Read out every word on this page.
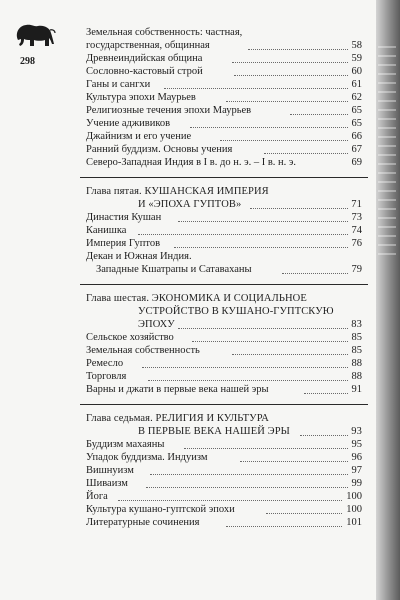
298
Земельная собственность: частная,
государственная, общинная	58
Древнеиндийская община	59
Сословно-кастовый строй	60
Ганы и сангхи	61
Культура эпохи Маурьев	62
Религиозные течения эпохи Маурьев	65
Учение адживиков	65
Джайнизм и его учение	66
Ранний буддизм. Основы учения	67
Северо-Западная Индия в I в. до н. э. – I в. н. э.	69
Глава пятая. КУШАНСКАЯ ИМПЕРИЯ
И «ЭПОХА ГУПТОВ»	71
Династия Кушан	73
Канишка	74
Империя Гуптов	76
Декан и Южная Индия.
Западные Кшатрапы и Сатаваханы	79
Глава шестая. ЭКОНОМИКА И СОЦИАЛЬНОЕ
УСТРОЙСТВО В КУШАНО-ГУПТСКУЮ
ЭПОХУ	83
Сельское хозяйство	85
Земельная собственность	85
Ремесло	88
Торговля	88
Варны и джати в первые века нашей эры	91
Глава седьмая. РЕЛИГИЯ И КУЛЬТУРА
В ПЕРВЫЕ ВЕКА НАШЕЙ ЭРЫ	93
Буддизм махаяны	95
Упадок буддизма. Индуизм	96
Вишнуизм	97
Шиваизм	99
Йога	100
Культура кушано-гуптской эпохи	100
Литературные сочинения	101
